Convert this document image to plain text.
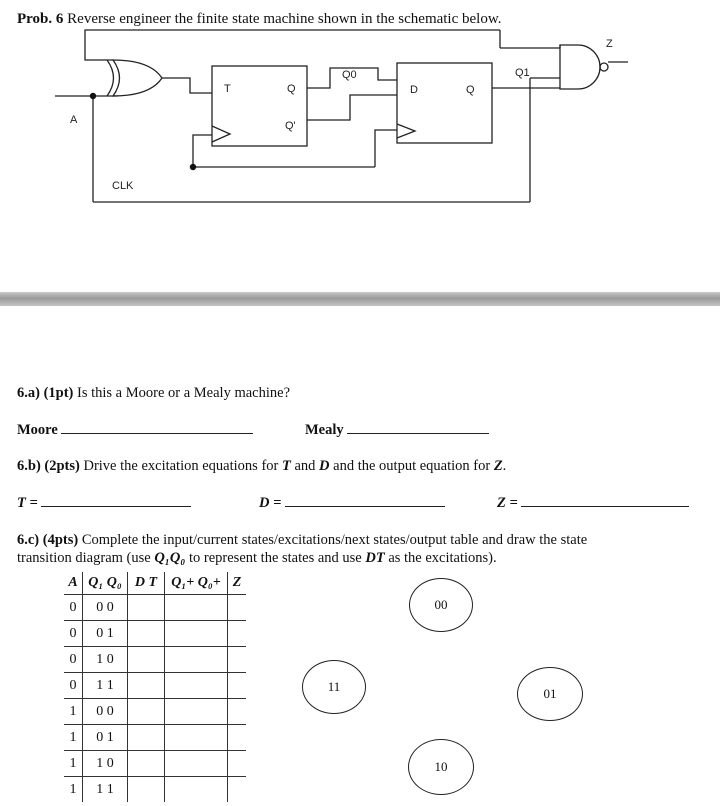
Prob. 6 Reverse engineer the finite state machine shown in the schematic below.
A
CLK
T	Q
Q'
Q0
D	Q
Q1
Z
6.a) (1pt) Is this a Moore or a Mealy machine?
Moore	Mealy
6.b) (2pts) Drive the excitation equations for T and D and the output equation for Z.
T =	D =	Z =
6.c) (4pts) Complete the input/current states/excitations/next states/output table and draw the state
transition diagram (use Q₁Q₀ to represent the states and use DT as the excitations).
A	Q₁ Q₀	D T	Q₁+ Q₀+	Z
0	0 0			
0	0 1			
0	1 0			
0	1 1			
1	0 0			
1	0 1			
1	1 0			
1	1 1			
00
11	01
10
